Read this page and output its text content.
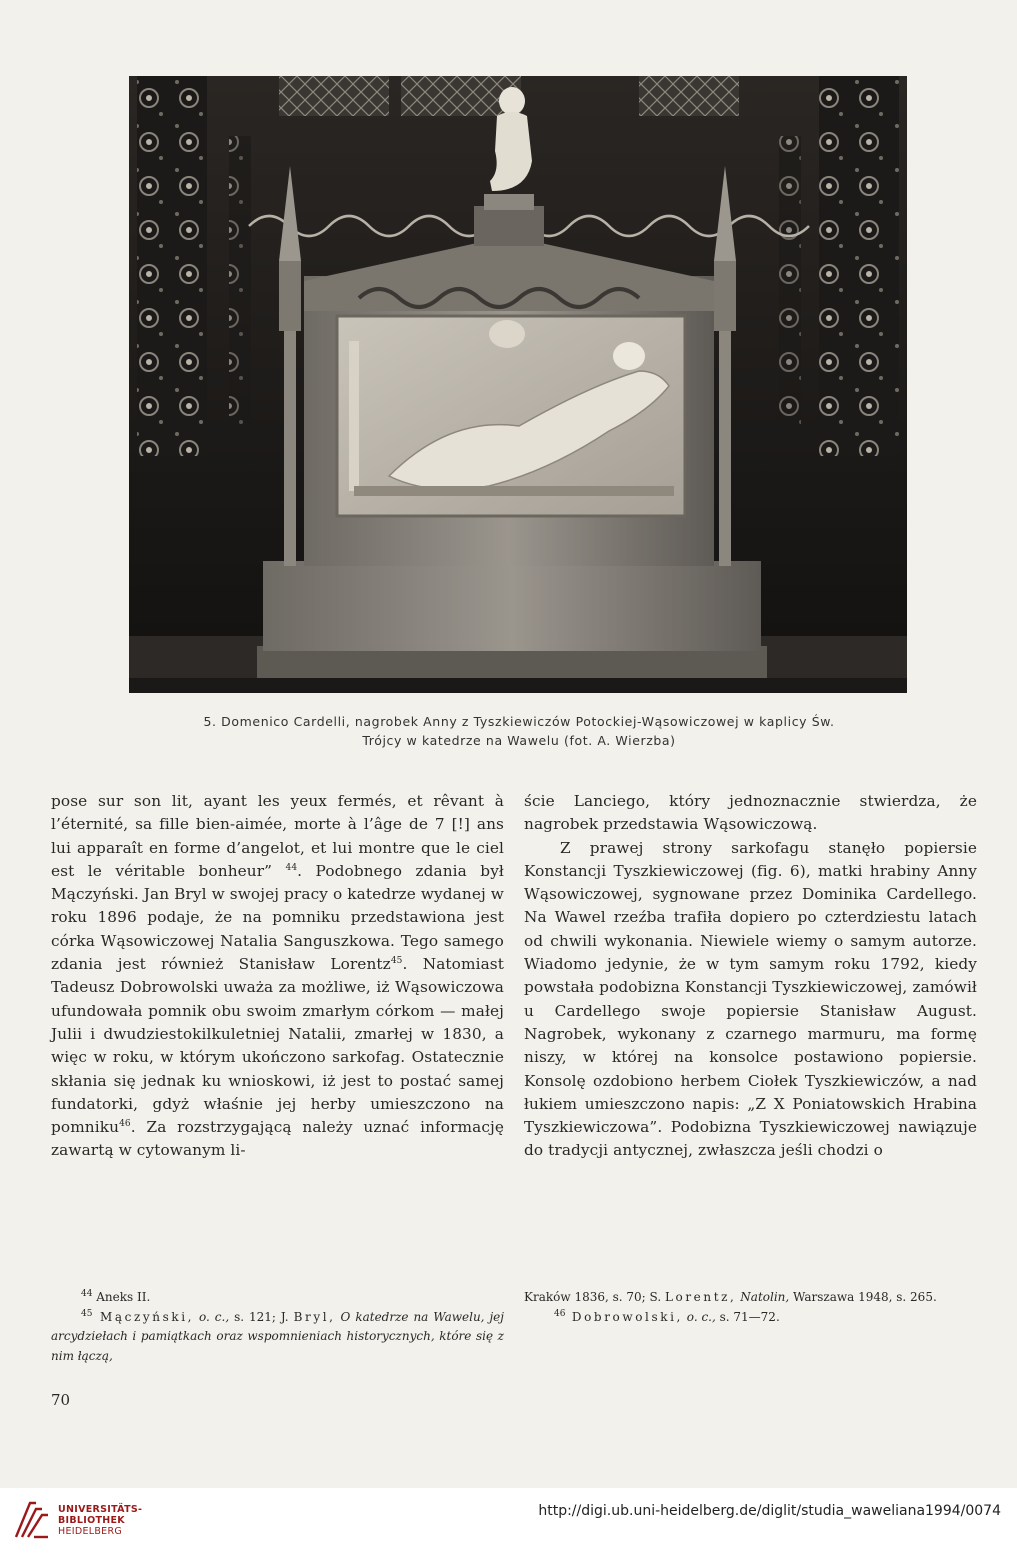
5. Domenico Cardelli, nagrobek Anny z Tyszkiewiczów Potockiej-Wąsowiczowej w kaplicy Św.
Trójcy w katedrze na Wawelu (fot. A. Wierzba)

pose sur son lit, ayant les yeux fermés, et rêvant à l’éternité, sa fille bien-aimée, morte à l’âge de 7 [!] ans lui apparaît en forme d’angelot, et lui montre que le ciel est le véritable bonheur” $^{44}$. Podobnego zdania był Mączyński. Jan Bryl w swojej pracy o katedrze wydanej w roku 1896 podaje, że na pomniku przedstawiona jest córka Wąsowiczowej Natalia Sanguszkowa. Tego samego zdania jest również Stanisław Lorentz$^{45}$. Natomiast Tadeusz Dobrowolski uważa za możliwe, iż Wąsowiczowa ufundowała pomnik obu swoim zmarłym córkom — małej Julii i dwudziestokilkuletniej Natalii, zmarłej w 1830, a więc w roku, w którym ukończono sarkofag. Ostatecznie skłania się jednak ku wnioskowi, iż jest to postać samej fundatorki, gdyż właśnie jej herby umieszczono na pomniku$^{46}$. Za rozstrzygającą należy uznać informację zawartą w cytowanym li-

ście Lanciego, który jednoznacznie stwierdza, że nagrobek przedstawia Wąsowiczową.

Z prawej strony sarkofagu stanęło popiersie Konstancji Tyszkiewiczowej (fig. 6), matki hrabiny Anny Wąsowiczowej, sygnowane przez Dominika Cardellego. Na Wawel rzeźba trafiła dopiero po czterdziestu latach od chwili wykonania. Niewiele wiemy o samym autorze. Wiadomo jedynie, że w tym samym roku 1792, kiedy powstała podobizna Konstancji Tyszkiewiczowej, zamówił u Cardellego swoje popiersie Stanisław August. Nagrobek, wykonany z czarnego marmuru, ma formę niszy, w której na konsolce postawiono popiersie. Konsolę ozdobiono herbem Ciołek Tyszkiewiczów, a nad łukiem umieszczono napis: „Z X Poniatowskich Hrabina Tyszkiewiczowa”. Podobizna Tyszkiewiczowej nawiązuje do tradycji antycznej, zwłaszcza jeśli chodzi o

$^{44}$ Aneks II.

$^{45}$ Mączyński, o. c., s. 121; J. Bryl, O katedrze na Wawelu, jej arcydziełach i pamiątkach oraz wspomnieniach historycznych, które się z nim łączą,

Kraków 1836, s. 70; S. Lorentz, Natolin, Warszawa 1948, s. 265.

$^{46}$ Dobrowolski, o. c., s. 71—72.

70
UNIVERSITÄTS-
BIBLIOTHEK
HEIDELBERG
http://digi.ub.uni-heidelberg.de/diglit/studia_waweliana1994/0074
